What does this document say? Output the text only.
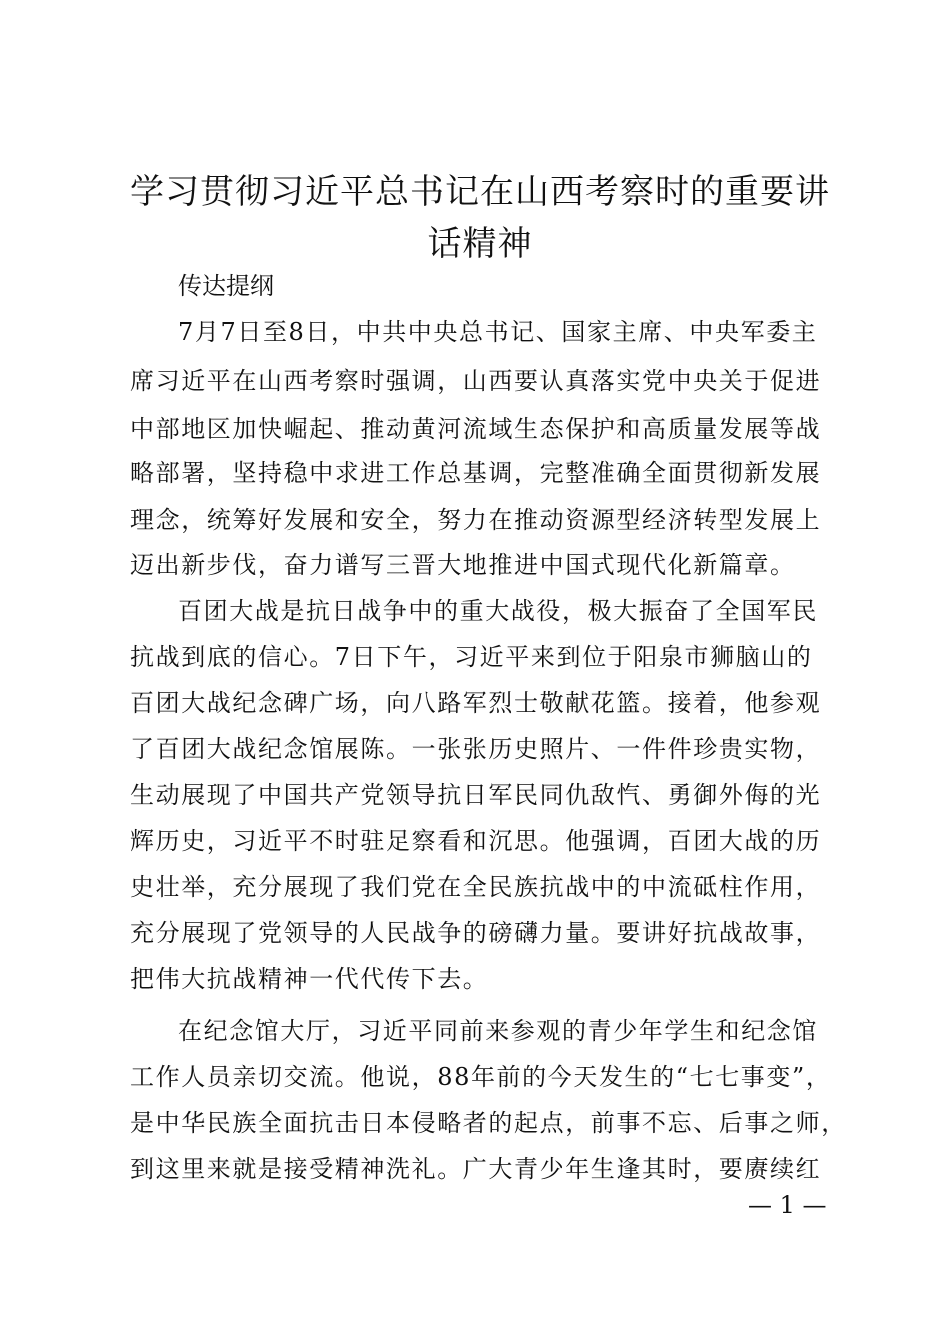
学习贯彻习近平总书记在山西考察时的重要讲
话精神
传达提纲
7月7日至8日，中共中央总书记、国家主席、中央军委主
席习近平在山西考察时强调，山西要认真落实党中央关于促进
中部地区加快崛起、推动黄河流域生态保护和高质量发展等战
略部署，坚持稳中求进工作总基调，完整准确全面贯彻新发展
理念，统筹好发展和安全，努力在推动资源型经济转型发展上
迈出新步伐，奋力谱写三晋大地推进中国式现代化新篇章。
百团大战是抗日战争中的重大战役，极大振奋了全国军民
抗战到底的信心。7日下午，习近平来到位于阳泉市狮脑山的
百团大战纪念碑广场，向八路军烈士敬献花篮。接着，他参观
了百团大战纪念馆展陈。一张张历史照片、一件件珍贵实物，
生动展现了中国共产党领导抗日军民同仇敌忾、勇御外侮的光
辉历史，习近平不时驻足察看和沉思。他强调，百团大战的历
史壮举，充分展现了我们党在全民族抗战中的中流砥柱作用，
充分展现了党领导的人民战争的磅礴力量。要讲好抗战故事，
把伟大抗战精神一代代传下去。
在纪念馆大厅，习近平同前来参观的青少年学生和纪念馆
工作人员亲切交流。他说，88年前的今天发生的“七七事变”，
是中华民族全面抗击日本侵略者的起点，前事不忘、后事之师，
到这里来就是接受精神洗礼。广大青少年生逢其时，要赓续红
— 1 —
